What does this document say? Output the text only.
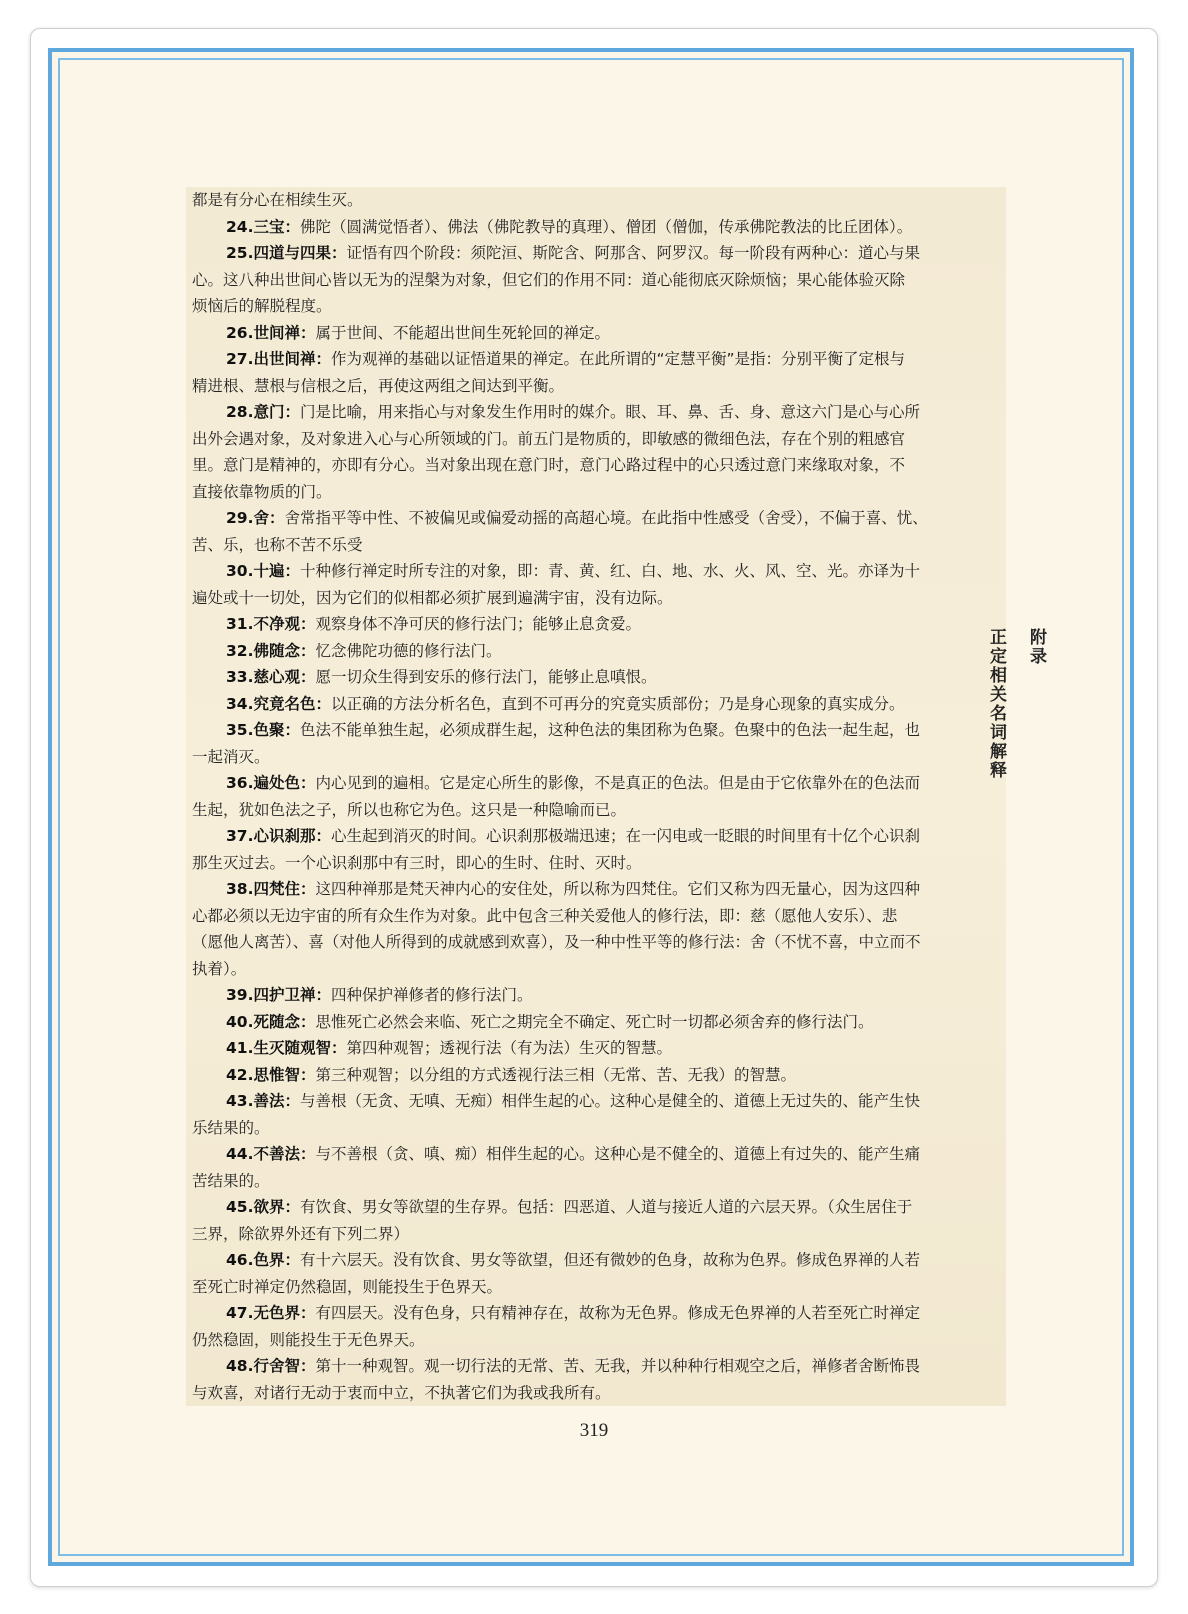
都是有分心在相续生灭。
24.三宝：佛陀（圆满觉悟者）、佛法（佛陀教导的真理）、僧团（僧伽，传承佛陀教法的比丘团体）。
25.四道与四果：证悟有四个阶段：须陀洹、斯陀含、阿那含、阿罗汉。每一阶段有两种心：道心与果
心。这八种出世间心皆以无为的涅槃为对象，但它们的作用不同：道心能彻底灭除烦恼；果心能体验灭除
烦恼后的解脱程度。
26.世间禅：属于世间、不能超出世间生死轮回的禅定。
27.出世间禅：作为观禅的基础以证悟道果的禅定。在此所谓的“定慧平衡”是指：分别平衡了定根与
精进根、慧根与信根之后，再使这两组之间达到平衡。
28.意门：门是比喻，用来指心与对象发生作用时的媒介。眼、耳、鼻、舌、身、意这六门是心与心所
出外会遇对象，及对象进入心与心所领域的门。前五门是物质的，即敏感的微细色法，存在个别的粗感官
里。意门是精神的，亦即有分心。当对象出现在意门时，意门心路过程中的心只透过意门来缘取对象，不
直接依靠物质的门。
29.舍：舍常指平等中性、不被偏见或偏爱动摇的高超心境。在此指中性感受（舍受），不偏于喜、忧、
苦、乐，也称不苦不乐受
30.十遍：十种修行禅定时所专注的对象，即：青、黄、红、白、地、水、火、风、空、光。亦译为十
遍处或十一切处，因为它们的似相都必须扩展到遍满宇宙，没有边际。
31.不净观：观察身体不净可厌的修行法门；能够止息贪爱。
32.佛随念：忆念佛陀功德的修行法门。
33.慈心观：愿一切众生得到安乐的修行法门，能够止息嗔恨。
34.究竟名色：以正确的方法分析名色，直到不可再分的究竟实质部份；乃是身心现象的真实成分。
35.色聚：色法不能单独生起，必须成群生起，这种色法的集团称为色聚。色聚中的色法一起生起，也
一起消灭。
36.遍处色：内心见到的遍相。它是定心所生的影像，不是真正的色法。但是由于它依靠外在的色法而
生起，犹如色法之子，所以也称它为色。这只是一种隐喻而已。
37.心识刹那：心生起到消灭的时间。心识刹那极端迅速；在一闪电或一眨眼的时间里有十亿个心识刹
那生灭过去。一个心识刹那中有三时，即心的生时、住时、灭时。
38.四梵住：这四种禅那是梵天神内心的安住处，所以称为四梵住。它们又称为四无量心，因为这四种
心都必须以无边宇宙的所有众生作为对象。此中包含三种关爱他人的修行法，即：慈（愿他人安乐）、悲
（愿他人离苦）、喜（对他人所得到的成就感到欢喜），及一种中性平等的修行法：舍（不忧不喜，中立而不
执着）。
39.四护卫禅：四种保护禅修者的修行法门。
40.死随念：思惟死亡必然会来临、死亡之期完全不确定、死亡时一切都必须舍弃的修行法门。
41.生灭随观智：第四种观智；透视行法（有为法）生灭的智慧。
42.思惟智：第三种观智；以分组的方式透视行法三相（无常、苦、无我）的智慧。
43.善法：与善根（无贪、无嗔、无痴）相伴生起的心。这种心是健全的、道德上无过失的、能产生快
乐结果的。
44.不善法：与不善根（贪、嗔、痴）相伴生起的心。这种心是不健全的、道德上有过失的、能产生痛
苦结果的。
45.欲界：有饮食、男女等欲望的生存界。包括：四恶道、人道与接近人道的六层天界。（众生居住于
三界，除欲界外还有下列二界）
46.色界：有十六层天。没有饮食、男女等欲望，但还有微妙的色身，故称为色界。修成色界禅的人若
至死亡时禅定仍然稳固，则能投生于色界天。
47.无色界：有四层天。没有色身，只有精神存在，故称为无色界。修成无色界禅的人若至死亡时禅定
仍然稳固，则能投生于无色界天。
48.行舍智：第十一种观智。观一切行法的无常、苦、无我，并以种种行相观空之后，禅修者舍断怖畏
与欢喜，对诸行无动于衷而中立，不执著它们为我或我所有。
附录
正定相关名词解释
319
